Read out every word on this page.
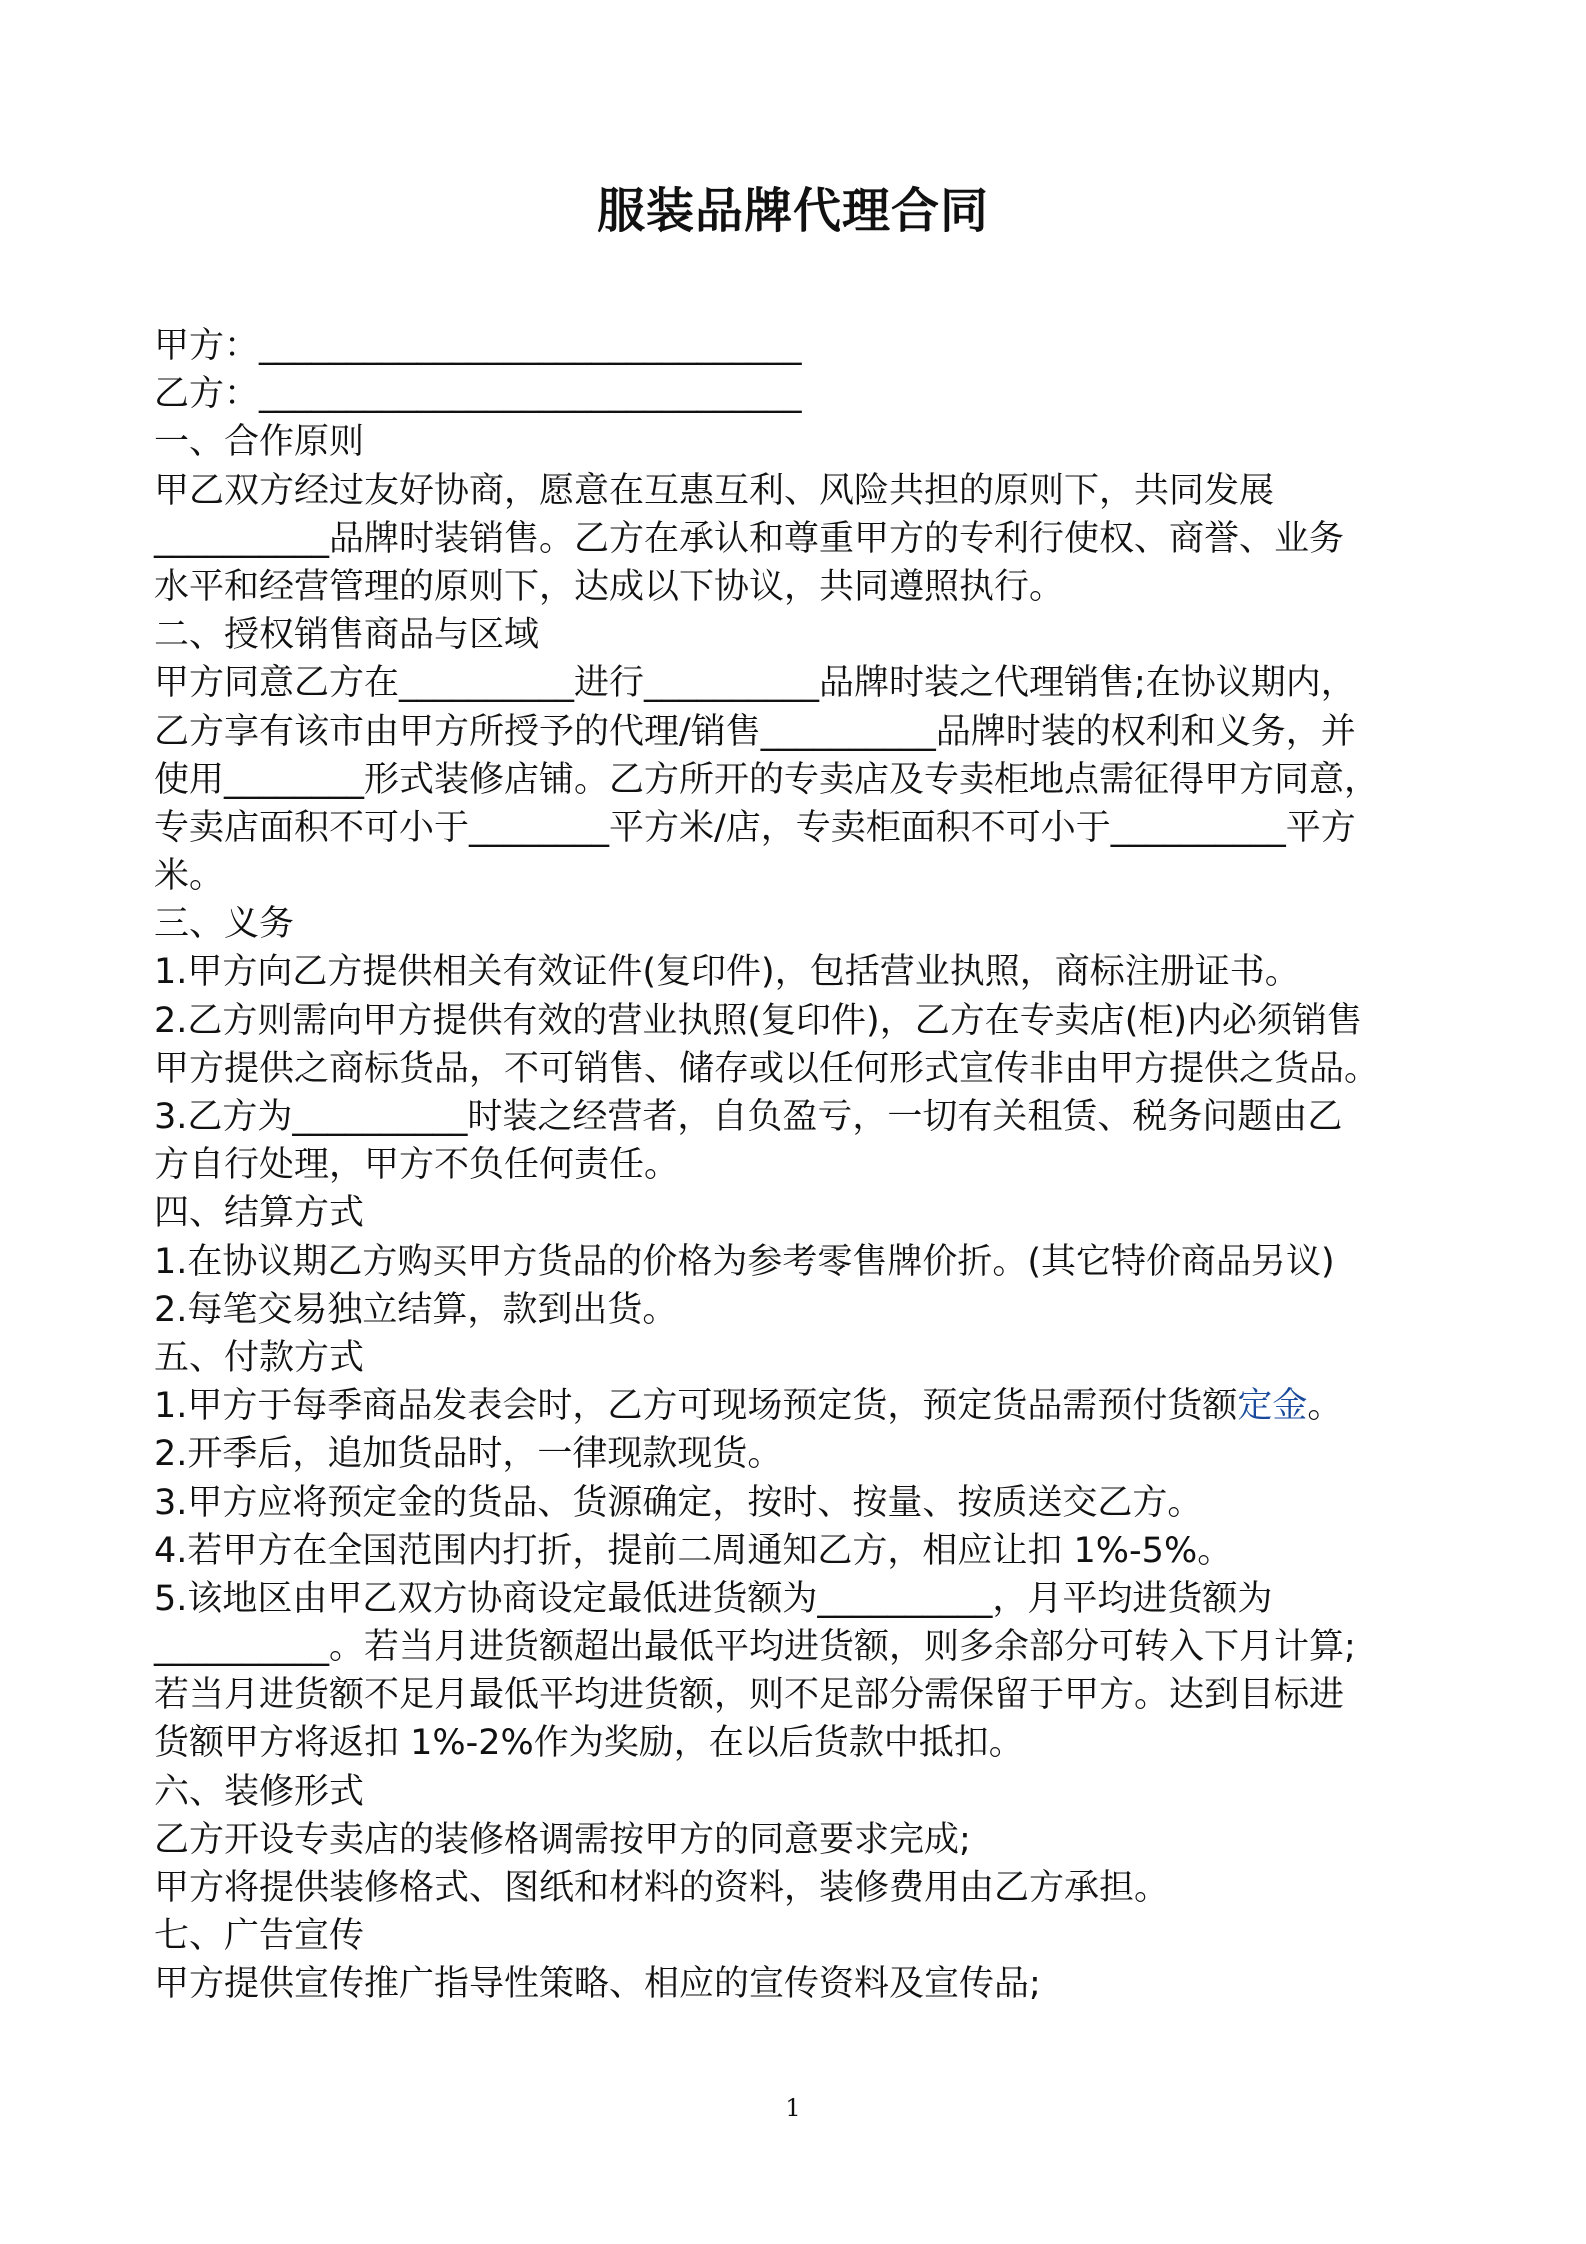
服装品牌代理合同
甲方：_______________________________
乙方：_______________________________
一、合作原则
甲乙双方经过友好协商，愿意在互惠互利、风险共担的原则下，共同发展
__________品牌时装销售。乙方在承认和尊重甲方的专利行使权、商誉、业务
水平和经营管理的原则下，达成以下协议，共同遵照执行。
二、授权销售商品与区域
甲方同意乙方在__________进行__________品牌时装之代理销售;在协议期内，
乙方享有该市由甲方所授予的代理/销售__________品牌时装的权利和义务，并
使用________形式装修店铺。乙方所开的专卖店及专卖柜地点需征得甲方同意，
专卖店面积不可小于________平方米/店，专卖柜面积不可小于__________平方
米。
三、义务
1.甲方向乙方提供相关有效证件(复印件)，包括营业执照，商标注册证书。
2.乙方则需向甲方提供有效的营业执照(复印件)，乙方在专卖店(柜)内必须销售
甲方提供之商标货品，不可销售、储存或以任何形式宣传非由甲方提供之货品。
3.乙方为__________时装之经营者，自负盈亏，一切有关租赁、税务问题由乙
方自行处理，甲方不负任何责任。
四、结算方式
1.在协议期乙方购买甲方货品的价格为参考零售牌价折。(其它特价商品另议)
2.每笔交易独立结算，款到出货。
五、付款方式
1.甲方于每季商品发表会时，乙方可现场预定货，预定货品需预付货额定金。
2.开季后，追加货品时，一律现款现货。
3.甲方应将预定金的货品、货源确定，按时、按量、按质送交乙方。
4.若甲方在全国范围内打折，提前二周通知乙方，相应让扣 1%-5%。
5.该地区由甲乙双方协商设定最低进货额为__________，月平均进货额为
__________。若当月进货额超出最低平均进货额，则多余部分可转入下月计算;
若当月进货额不足月最低平均进货额，则不足部分需保留于甲方。达到目标进
货额甲方将返扣 1%-2%作为奖励，在以后货款中抵扣。
六、装修形式
乙方开设专卖店的装修格调需按甲方的同意要求完成;
甲方将提供装修格式、图纸和材料的资料，装修费用由乙方承担。
七、广告宣传
甲方提供宣传推广指导性策略、相应的宣传资料及宣传品;
1
